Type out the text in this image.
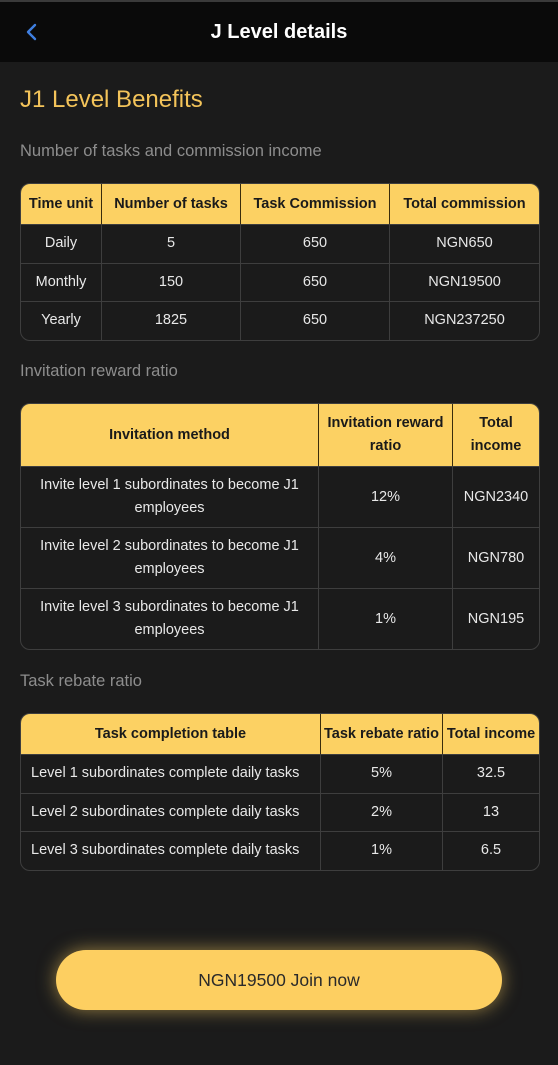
J Level details
J1 Level Benefits
Number of tasks and commission income
Time unit	Number of tasks	Task Commission	Total commission
Daily	5	650	NGN650
Monthly	150	650	NGN19500
Yearly	1825	650	NGN237250
Invitation reward ratio
Invitation method	Invitation reward ratio	Total income
Invite level 1 subordinates to become J1 employees	12%	NGN2340
Invite level 2 subordinates to become J1 employees	4%	NGN780
Invite level 3 subordinates to become J1 employees	1%	NGN195
Task rebate ratio
Task completion table	Task rebate ratio	Total income
Level 1 subordinates complete daily tasks	5%	32.5
Level 2 subordinates complete daily tasks	2%	13
Level 3 subordinates complete daily tasks	1%	6.5
NGN19500 Join now
